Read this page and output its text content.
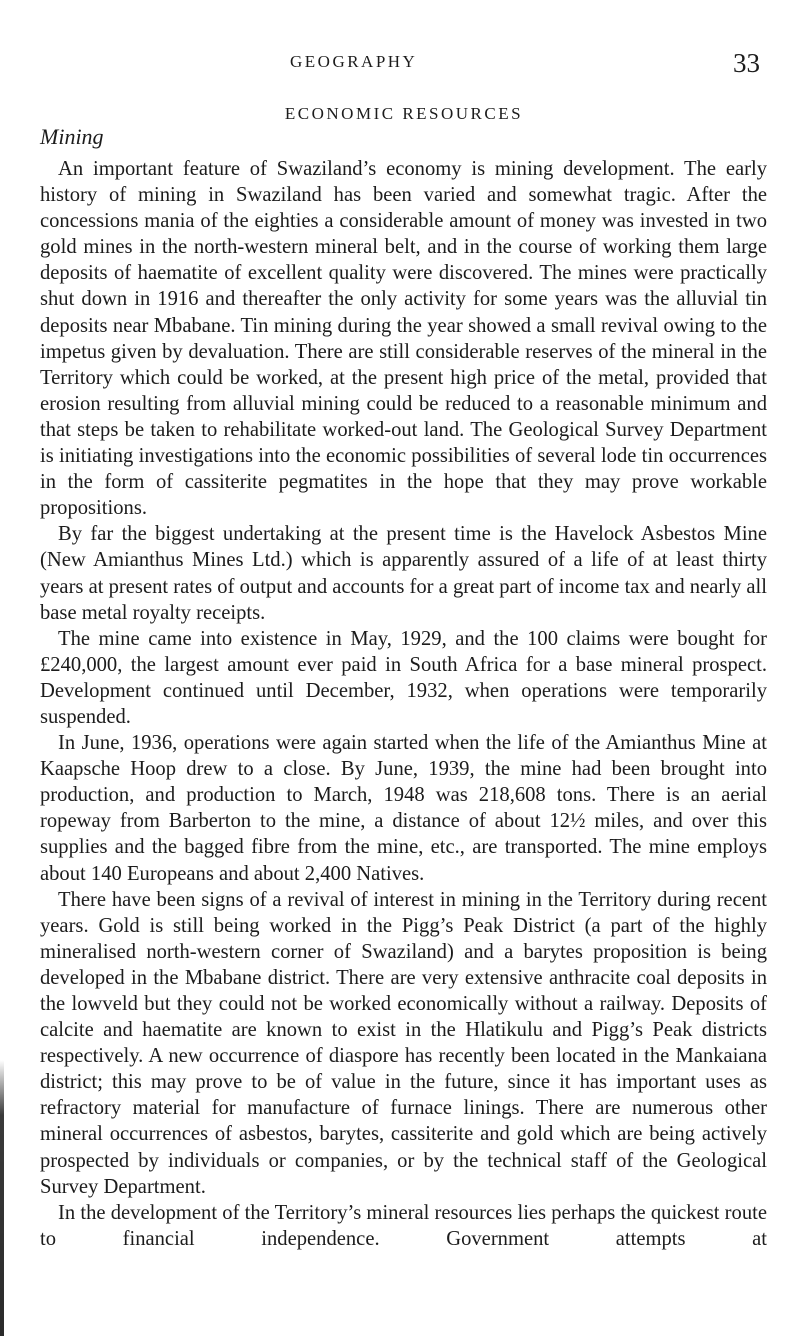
GEOGRAPHY	33
ECONOMIC RESOURCES
Mining

An important feature of Swaziland’s economy is mining development. The early history of mining in Swaziland has been varied and somewhat tragic. After the concessions mania of the eighties a considerable amount of money was invested in two gold mines in the north-western mineral belt, and in the course of working them large deposits of haematite of excellent quality were discovered. The mines were practically shut down in 1916 and thereafter the only activity for some years was the alluvial tin deposits near Mbabane. Tin mining during the year showed a small revival owing to the impetus given by devaluation. There are still considerable reserves of the mineral in the Territory which could be worked, at the present high price of the metal, provided that erosion resulting from alluvial mining could be reduced to a reasonable minimum and that steps be taken to rehabilitate worked-out land. The Geological Survey Department is initiating investigations into the economic possibilities of several lode tin occurrences in the form of cassiterite pegmatites in the hope that they may prove workable propositions.

By far the biggest undertaking at the present time is the Havelock Asbestos Mine (New Amianthus Mines Ltd.) which is apparently assured of a life of at least thirty years at present rates of output and accounts for a great part of income tax and nearly all base metal royalty receipts.

The mine came into existence in May, 1929, and the 100 claims were bought for £240,000, the largest amount ever paid in South Africa for a base mineral prospect. Development continued until December, 1932, when operations were temporarily suspended.

In June, 1936, operations were again started when the life of the Amianthus Mine at Kaapsche Hoop drew to a close. By June, 1939, the mine had been brought into production, and production to March, 1948 was 218,608 tons. There is an aerial ropeway from Barberton to the mine, a distance of about 12½ miles, and over this supplies and the bagged fibre from the mine, etc., are transported. The mine employs about 140 Europeans and about 2,400 Natives.

There have been signs of a revival of interest in mining in the Territory during recent years. Gold is still being worked in the Pigg’s Peak District (a part of the highly mineralised north-western corner of Swaziland) and a barytes proposition is being developed in the Mbabane district. There are very extensive anthracite coal deposits in the lowveld but they could not be worked economically without a railway. Deposits of calcite and haematite are known to exist in the Hlatikulu and Pigg’s Peak districts respectively. A new occurrence of diaspore has recently been located in the Mankaiana district; this may prove to be of value in the future, since it has important uses as refractory material for manufacture of furnace linings. There are numerous other mineral occurrences of asbestos, barytes, cassiterite and gold which are being actively prospected by individuals or companies, or by the technical staff of the Geological Survey Department.

In the development of the Territory’s mineral resources lies perhaps the quickest route to financial independence. Government attempts at
